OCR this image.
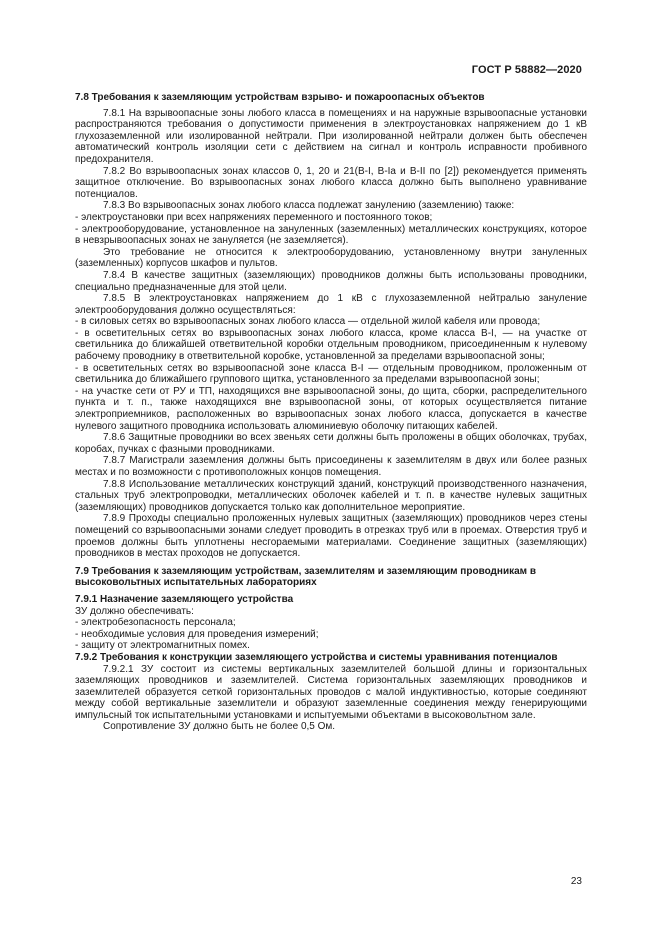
ГОСТ Р 58882—2020
7.8 Требования к заземляющим устройствам взрыво- и пожароопасных объектов

7.8.1 На взрывоопасные зоны любого класса в помещениях и на наружные взрывоопасные установки распространяются требования о допустимости применения в электроустановках напряжением до 1 кВ глухозаземленной или изолированной нейтрали. При изолированной нейтрали должен быть обеспечен автоматический контроль изоляции сети с действием на сигнал и контроль исправности пробивного предохранителя.

7.8.2 Во взрывоопасных зонах классов 0, 1, 20 и 21(В-I, В-Ia и В-II по [2]) рекомендуется применять защитное отключение. Во взрывоопасных зонах любого класса должно быть выполнено уравнивание потенциалов.

7.8.3 Во взрывоопасных зонах любого класса подлежат занулению (заземлению) также:

- электроустановки при всех напряжениях переменного и постоянного токов;

- электрооборудование, установленное на зануленных (заземленных) металлических конструкциях, которое в невзрывоопасных зонах не зануляется (не заземляется).

Это требование не относится к электрооборудованию, установленному внутри зануленных (заземленных) корпусов шкафов и пультов.

7.8.4 В качестве защитных (заземляющих) проводников должны быть использованы проводники, специально предназначенные для этой цели.

7.8.5 В электроустановках напряжением до 1 кВ с глухозаземленной нейтралью зануление электрооборудования должно осуществляться:

- в силовых сетях во взрывоопасных зонах любого класса — отдельной жилой кабеля или провода;

- в осветительных сетях во взрывоопасных зонах любого класса, кроме класса В-I, — на участке от светильника до ближайшей ответвительной коробки отдельным проводником, присоединенным к нулевому рабочему проводнику в ответвительной коробке, установленной за пределами взрывоопасной зоны;

- в осветительных сетях во взрывоопасной зоне класса В-I — отдельным проводником, проложенным от светильника до ближайшего группового щитка, установленного за пределами взрывоопасной зоны;

- на участке сети от РУ и ТП, находящихся вне взрывоопасной зоны, до щита, сборки, распределительного пункта и т. п., также находящихся вне взрывоопасной зоны, от которых осуществляется питание электроприемников, расположенных во взрывоопасных зонах любого класса, допускается в качестве нулевого защитного проводника использовать алюминиевую оболочку питающих кабелей.

7.8.6 Защитные проводники во всех звеньях сети должны быть проложены в общих оболочках, трубах, коробах, пучках с фазными проводниками.

7.8.7 Магистрали заземления должны быть присоединены к заземлителям в двух или более разных местах и по возможности с противоположных концов помещения.

7.8.8 Использование металлических конструкций зданий, конструкций производственного назначения, стальных труб электропроводки, металлических оболочек кабелей и т. п. в качестве нулевых защитных (заземляющих) проводников допускается только как дополнительное мероприятие.

7.8.9 Проходы специально проложенных нулевых защитных (заземляющих) проводников через стены помещений со взрывоопасными зонами следует проводить в отрезках труб или в проемах. Отверстия труб и проемов должны быть уплотнены несгораемыми материалами. Соединение защитных (заземляющих) проводников в местах проходов не допускается.

7.9 Требования к заземляющим устройствам, заземлителям и заземляющим проводникам в высоковольтных испытательных лабораториях
7.9.1 Назначение заземляющего устройства

ЗУ должно обеспечивать:

- электробезопасность персонала;

- необходимые условия для проведения измерений;

- защиту от электромагнитных помех.

7.9.2 Требования к конструкции заземляющего устройства и системы уравнивания потенциалов

7.9.2.1 ЗУ состоит из системы вертикальных заземлителей большой длины и горизонтальных заземляющих проводников и заземлителей. Система горизонтальных заземляющих проводников и заземлителей образуется сеткой горизонтальных проводов с малой индуктивностью, которые соединяют между собой вертикальные заземлители и образуют заземленные соединения между генерирующими импульсный ток испытательными установками и испытуемыми объектами в высоковольтном зале.

Сопротивление ЗУ должно быть не более 0,5 Ом.

23
